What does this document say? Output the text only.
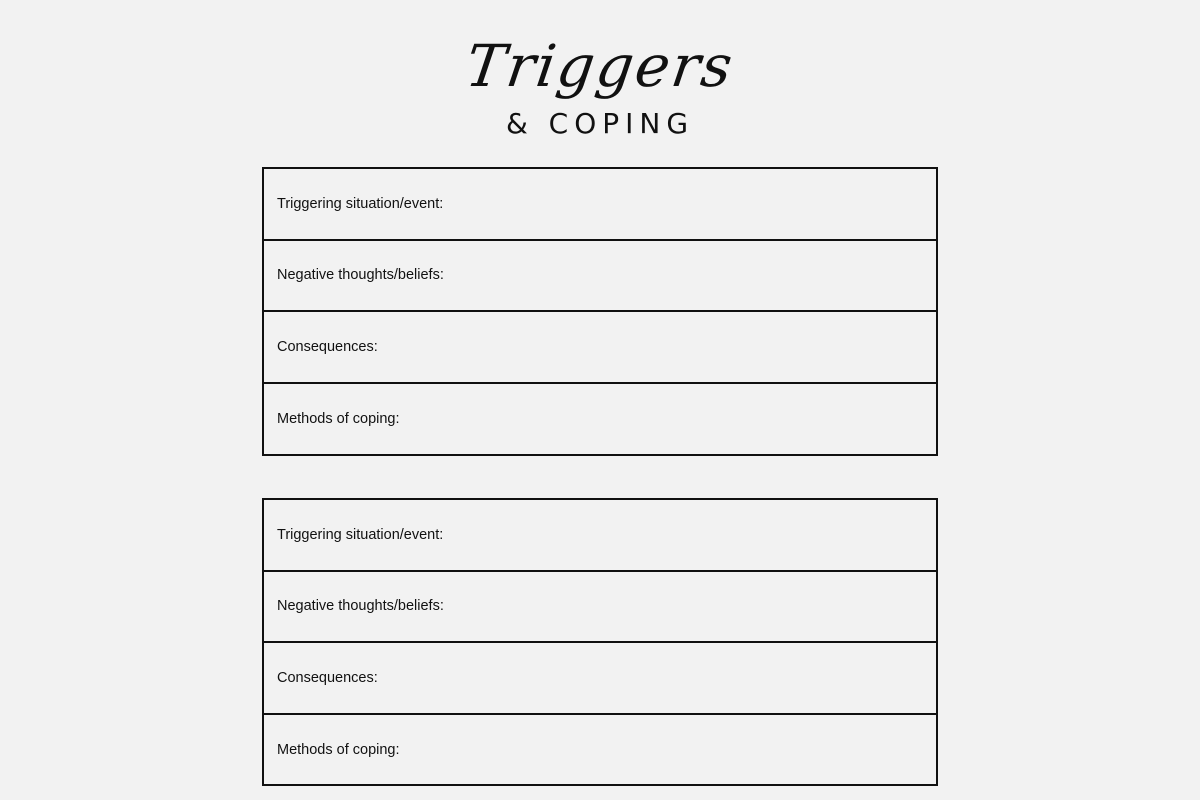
Triggers
& COPING
Triggering situation/event:
Negative thoughts/beliefs:
Consequences:
Methods of coping:
Triggering situation/event:
Negative thoughts/beliefs:
Consequences:
Methods of coping:
